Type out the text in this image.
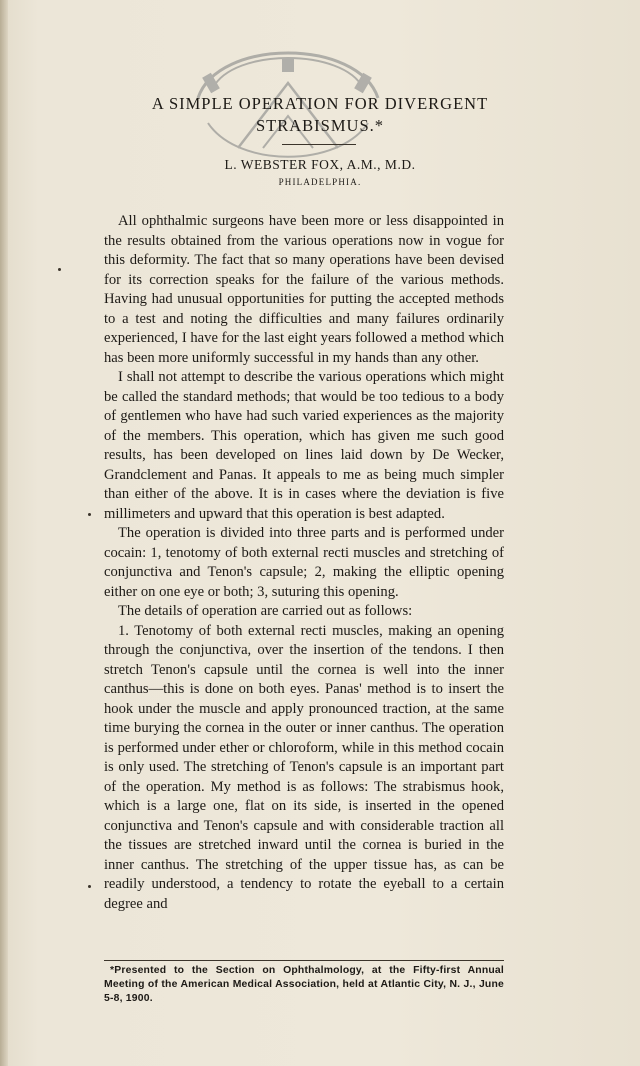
A SIMPLE OPERATION FOR DIVERGENT
STRABISMUS.*
L. WEBSTER FOX, A.M., M.D.
PHILADELPHIA.

All ophthalmic surgeons have been more or less disappointed in the results obtained from the various operations now in vogue for this deformity. The fact that so many operations have been devised for its correction speaks for the failure of the various methods. Having had unusual opportunities for putting the accepted methods to a test and noting the difficulties and many failures ordinarily experienced, I have for the last eight years followed a method which has been more uniformly successful in my hands than any other.

I shall not attempt to describe the various operations which might be called the standard methods; that would be too tedious to a body of gentlemen who have had such varied experiences as the majority of the members. This operation, which has given me such good results, has been developed on lines laid down by De Wecker, Grandclement and Panas. It appeals to me as being much simpler than either of the above. It is in cases where the deviation is five millimeters and upward that this operation is best adapted.

The operation is divided into three parts and is performed under cocain: 1, tenotomy of both external recti muscles and stretching of conjunctiva and Tenon's capsule; 2, making the elliptic opening either on one eye or both; 3, suturing this opening.

The details of operation are carried out as follows:

1. Tenotomy of both external recti muscles, making an opening through the conjunctiva, over the insertion of the tendons. I then stretch Tenon's capsule until the cornea is well into the inner canthus—this is done on both eyes. Panas' method is to insert the hook under the muscle and apply pronounced traction, at the same time burying the cornea in the outer or inner canthus. The operation is performed under ether or chloroform, while in this method cocain is only used. The stretching of Tenon's capsule is an important part of the operation. My method is as follows: The strabismus hook, which is a large one, flat on its side, is inserted in the opened conjunctiva and Tenon's capsule and with considerable traction all the tissues are stretched inward until the cornea is buried in the inner canthus. The stretching of the upper tissue has, as can be readily understood, a tendency to rotate the eyeball to a certain degree and

*Presented to the Section on Ophthalmology, at the Fifty-first Annual Meeting of the American Medical Association, held at Atlantic City, N. J., June 5-8, 1900.
